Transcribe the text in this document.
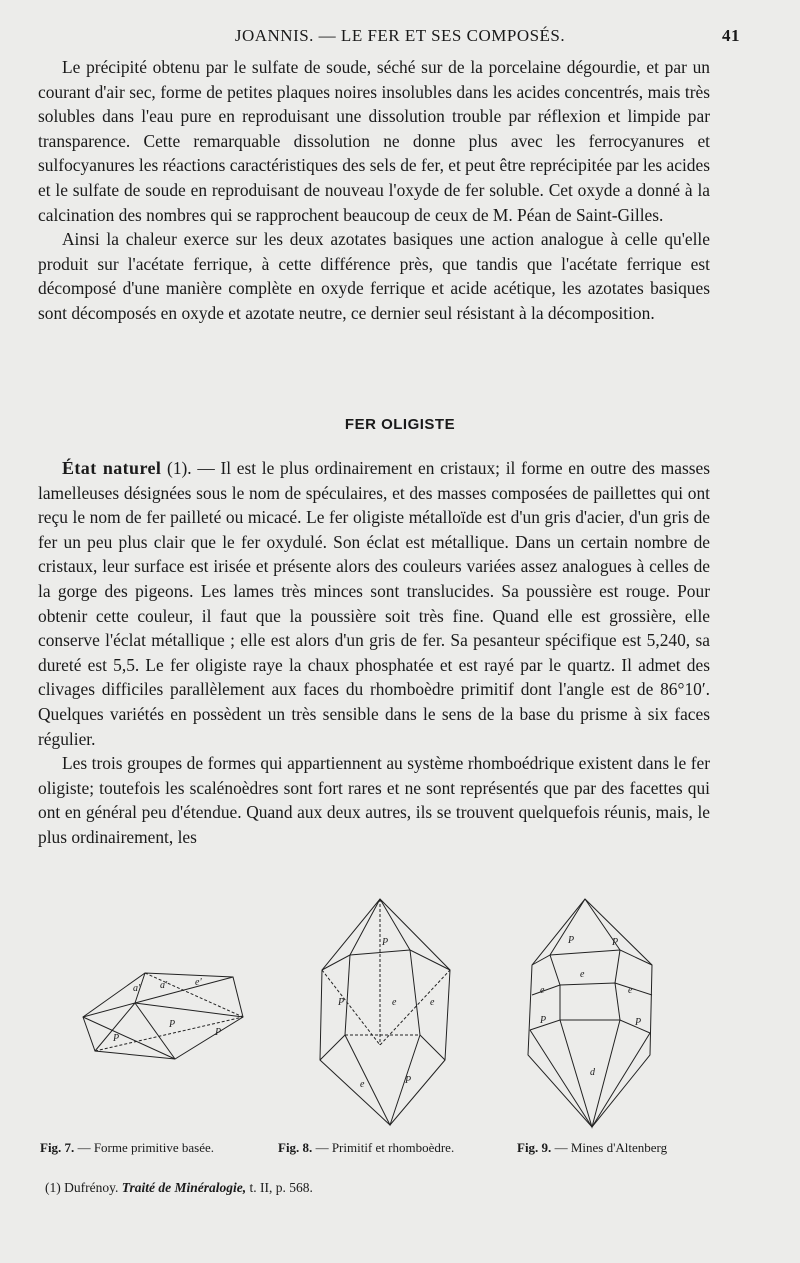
JOANNIS. — LE FER ET SES COMPOSÉS.	41

Le précipité obtenu par le sulfate de soude, séché sur de la porcelaine dégourdie, et par un courant d'air sec, forme de petites plaques noires insolubles dans les acides concentrés, mais très solubles dans l'eau pure en reproduisant une dissolution trouble par réflexion et limpide par transparence. Cette remarquable dissolution ne donne plus avec les ferrocyanures et sulfocyanures les réactions caractéristiques des sels de fer, et peut être reprécipitée par les acides et le sulfate de soude en reproduisant de nouveau l'oxyde de fer soluble. Cet oxyde a donné à la calcination des nombres qui se rapprochent beaucoup de ceux de M. Péan de Saint-Gilles.

Ainsi la chaleur exerce sur les deux azotates basiques une action analogue à celle qu'elle produit sur l'acétate ferrique, à cette différence près, que tandis que l'acétate ferrique est décomposé d'une manière complète en oxyde ferrique et acide acétique, les azotates basiques sont décomposés en oxyde et azotate neutre, ce dernier seul résistant à la décomposition.

FER OLIGISTE

État naturel (1). — Il est le plus ordinairement en cristaux; il forme en outre des masses lamelleuses désignées sous le nom de spéculaires, et des masses composées de paillettes qui ont reçu le nom de fer pailleté ou micacé. Le fer oligiste métalloïde est d'un gris d'acier, d'un gris de fer un peu plus clair que le fer oxydulé. Son éclat est métallique. Dans un certain nombre de cristaux, leur surface est irisée et présente alors des couleurs variées assez analogues à celles de la gorge des pigeons. Les lames très minces sont translucides. Sa poussière est rouge. Pour obtenir cette couleur, il faut que la poussière soit très fine. Quand elle est grossière, elle conserve l'éclat métallique ; elle est alors d'un gris de fer. Sa pesanteur spécifique est 5,240, sa dureté est 5,5. Le fer oligiste raye la chaux phosphatée et est rayé par le quartz. Il admet des clivages difficiles parallèlement aux faces du rhomboèdre primitif dont l'angle est de 86°10′. Quelques variétés en possèdent un très sensible dans le sens de la base du prisme à six faces régulier.

Les trois groupes de formes qui appartiennent au système rhomboédrique existent dans le fer oligiste; toutefois les scalénoèdres sont fort rares et ne sont représentés que par des facettes qui ont en général peu d'étendue. Quand aux deux autres, ils se trouvent quelquefois réunis, mais, le plus ordinairement, les

a' a'	e'
P
P
P
P
P	e	e
e	P
P	P
e
e
e
P	P
d
Fig. 7. — Forme primitive basée.	Fig. 8. — Primitif et rhomboèdre.	Fig. 9. — Mines d'Altenberg
(1) Dufrénoy. Traité de Minéralogie, t. II, p. 568.
